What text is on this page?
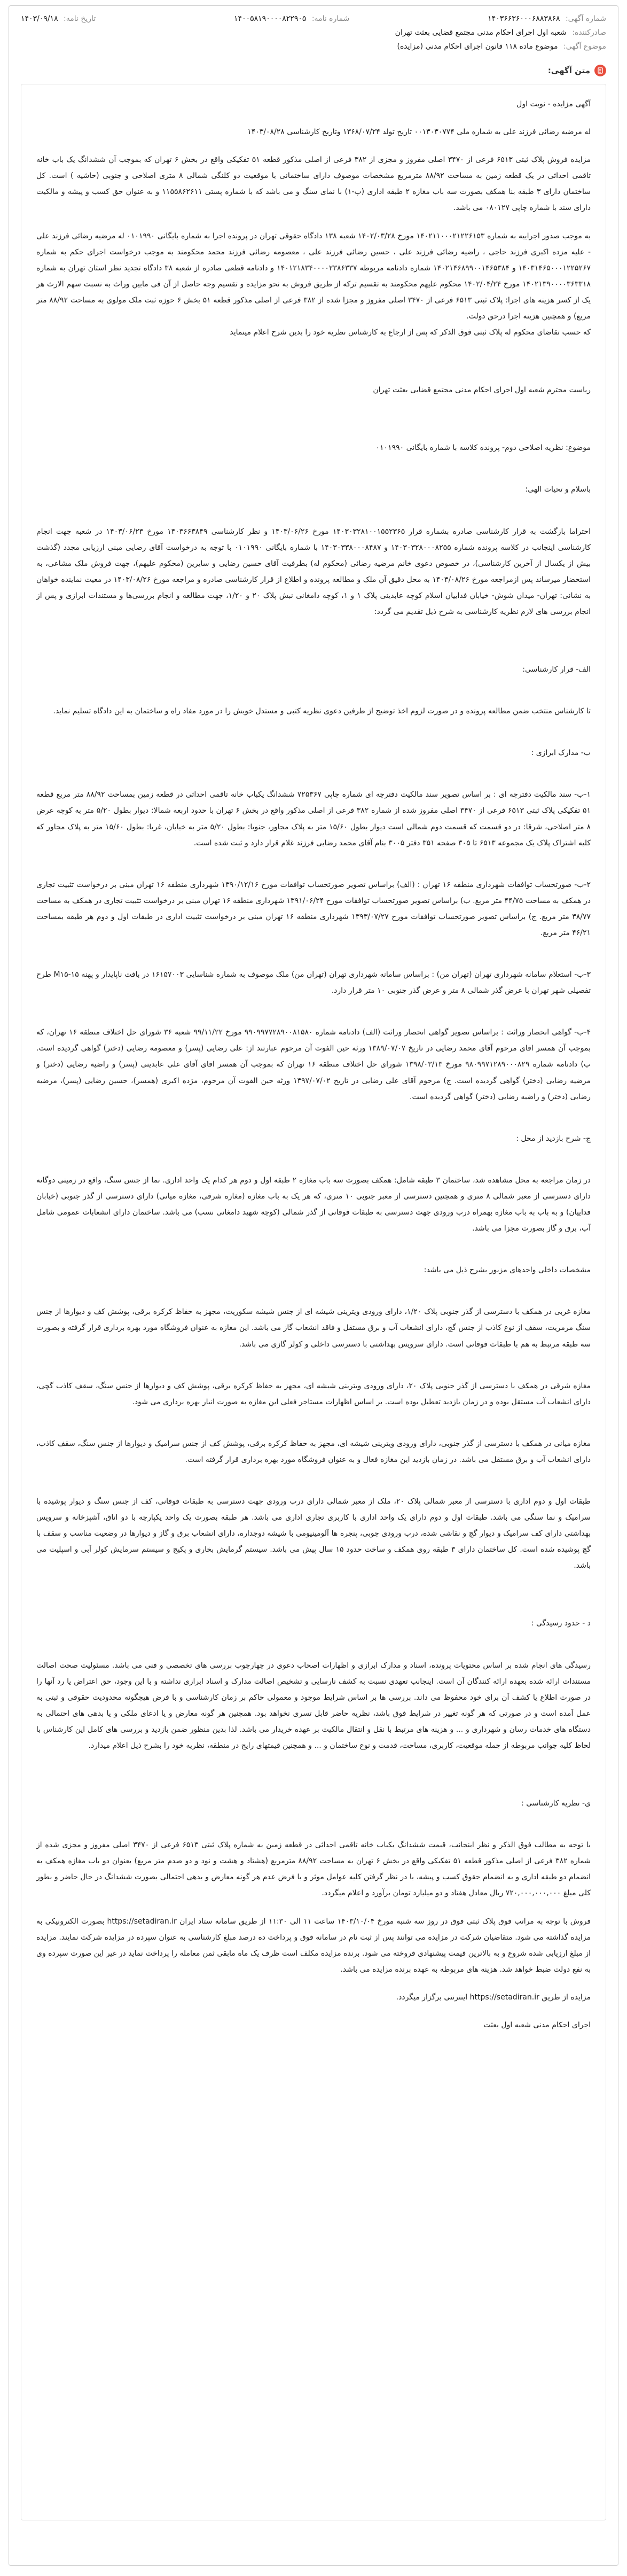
شماره آگهی: ۱۴۰۳۶۶۳۶۰۰۰۶۸۸۳۸۶۸
شماره نامه: ۱۴۰۰۵۸۱۹۰۰۰۰۸۲۲۹۰۵
تاریخ نامه: ۱۴۰۳/۰۹/۱۸
صادرکننده: شعبه اول اجرای احکام مدنی مجتمع قضایی بعثت تهران
موضوع آگهی: موضوع ماده ۱۱۸ قانون اجرای احکام مدنی (مزایده)
متن آگهی:

آگهی مزایده - نوبت اول

له مرضیه رضائی فرزند علی به شماره ملی ۰۰۱۳۰۳۰۷۷۴ تاریخ تولد ۱۳۶۸/۰۷/۲۴ وتاریخ کارشناسی ۱۴۰۳/۰۸/۲۸

مزایده فروش پلاک ثبتی ۶۵۱۳ فرعی از ۳۴۷۰ اصلی مفروز و مجزی از ۳۸۲ فرعی از اصلی مذکور قطعه ۵۱ تفکیکی واقع در بخش ۶ تهران که بموجب آن ششدانگ یک باب خانه تاقمی احداثی در یک قطعه زمین به مساحت ۸۸/۹۲ مترمربع مشخصات موصوف دارای ساختمانی با موقعیت دو کلنگی شمالی ۸ متری اصلاحی و جنوبی (حاشیه ) است. کل ساختمان دارای ۳ طبقه بنا همکف بصورت سه باب مغازه ۲ طبقه اداری (پ-۱) با نمای سنگ و می باشد که با شماره پستی ۱۱۵۵۸۶۲۶۱۱ و به عنوان حق کسب و پیشه و مالکیت دارای سند با شماره چاپی ۰۸۰۱۲۷ می باشد.

به موجب صدور اجراییه به شماره ۱۴۰۲۱۱۰۰۰۲۱۲۲۶۱۵۳ مورخ ۱۴۰۲/۰۳/۲۸ شعبه ۱۳۸ دادگاه حقوقی تهران در پرونده اجرا به شماره بایگانی ۰۱۰۱۹۹۰ له مرضیه رضائی فرزند علی - علیه مزده اکبری فرزند حاجی ، راضیه رضائی فرزند علی ، حسین رضائی فرزند علی ، معصومه رضائی فرزند محمد محکومند به موجب درخواست اجرای حکم به شماره ۱۴۰۳۱۴۶۵۰۰۰۱۲۲۵۲۶۷ و ۱۴۰۲۱۴۶۸۹۹۰۰۱۴۶۵۳۸۴ شماره دادنامه مربوطه ۱۴۰۱۲۱۸۳۴۰۰۰۰۲۳۸۶۳۳۷ و دادنامه قطعی صادره از شعبه ۳۸ دادگاه تجدید نظر استان تهران به شماره ۱۴۰۲۱۳۹۰۰۰۰۳۶۳۳۱۸ مورخ ۱۴۰۲/۰۴/۲۴ محکوم علیهم محکومند به تقسیم ترکه از طریق فروش به نحو مزایده و تقسیم وجه حاصل از آن فی مابین وراث به نسبت سهم الارث هر یک از کسر هزینه های اجرا: پلاک ثبتی ۶۵۱۳ فرعی از ۳۴۷۰ اصلی مفروز و مجزا شده از ۳۸۲ فرعی از اصلی مذکور قطعه ۵۱ بخش ۶ حوزه ثبت ملک مولوی به مساحت ۸۸/۹۲ متر مربع) و همچنین هزینه اجرا درحق دولت.

که حسب تقاضای محکوم له پلاک ثبتی فوق الذکر که پس از ارجاع به کارشناس نظریه خود را بدین شرح اعلام مینماید

ریاست محترم شعبه اول اجرای احکام مدنی مجتمع قضایی بعثت تهران

موضوع: نظریه اصلاحی دوم- پرونده کلاسه با شماره بایگانی ۰۱۰۱۹۹۰

باسلام و تحیات الهی؛

احتراما بازگشت به قرار کارشناسی صادره بشماره قرار ۱۴۰۳۰۳۲۸۱۰۰۱۵۵۲۳۶۵ مورخ ۱۴۰۳/۰۶/۲۶ و نظر کارشناسی ۱۴۰۳۶۶۳۸۴۹ مورخ ۱۴۰۳/۰۶/۲۳ در شعبه جهت انجام کارشناسی اینجانب در کلاسه پرونده شماره ۱۴۰۳۰۳۲۸۰۰۰۸۲۵۵ و ۱۴۰۳۰۳۳۸۰۰۰۸۴۸۷ با شماره بایگانی ۰۱۰۱۹۹۰ با توجه به درخواست آقای رضایی مبنی ارزیابی مجدد (گذشت بیش از یکسال از آخرین کارشناسی)، در خصوص دعوی خانم مرضیه رضائی (محکوم له) بطرفیت آقای حسین رضایی و سایرین (محکوم علیهم)، جهت فروش ملک مشاعی، به استحضار میرساند پس ازمراجعه مورخ ۱۴۰۳/۰۸/۲۶ به محل دقیق آن ملک و مطالعه پرونده و اطلاع از قرار کارشناسی صادره و مراجعه مورخ ۱۴۰۳/۰۸/۲۶ در معیت نماینده خواهان به نشانی: تهران- میدان شوش- خیابان فداییان اسلام کوچه عابدینی پلاک ۱ و ۱، کوچه دامغانی نبش پلاک ۲۰ و ۱/۲۰، جهت مطالعه و انجام بررسی‌ها و مستندات ابرازی و پس از انجام بررسی های لازم نظریه کارشناسی به شرح ذیل تقدیم می گردد:

الف- قرار کارشناسی:

تا کارشناس منتخب ضمن مطالعه پرونده و در صورت لزوم اخذ توضیح از طرفین دعوی نظریه کتبی و مستدل خویش را در مورد مفاد راه و ساختمان به این دادگاه تسلیم نماید.

ب- مدارک ابرازی :

۱-ب- سند مالکیت دفترچه ای : بر اساس تصویر سند مالکیت دفترچه ای شماره چاپی ۷۲۵۳۶۷ ششدانگ یکباب خانه تاقمی احداثی در قطعه زمین بمساحت ۸۸/۹۲ متر مربع قطعه ۵۱ تفکیکی پلاک ثبتی ۶۵۱۳ فرعی از ۳۴۷۰ اصلی مفروز شده از شماره ۳۸۲ فرعی از اصلی مذکور واقع در بخش ۶ تهران با حدود اربعه شمالا: دیوار بطول ۵/۲۰ متر به کوچه عرض ۸ متر اصلاحی، شرقا: در دو قسمت که قسمت دوم شمالی است دیوار بطول ۱۵/۶۰ متر به پلاک مجاور، جنوبا: بطول ۵/۲۰ متر به خیابان، غربا: بطول ۱۵/۶۰ متر به پلاک مجاور که کلیه اشتراک پلاک یک مجموعه ۶۵۱۳ تا ۳۰۵ صفحه ۳۵۱ دفتر ۳۰۰۵ بنام آقای محمد رضایی فرزند غلام قرار دارد و ثبت شده است.

۲-ب- صورتحساب توافقات شهرداری منطقه ۱۶ تهران : (الف) براساس تصویر صورتحساب توافقات مورخ ۱۳۹۰/۱۲/۱۶ شهرداری منطقه ۱۶ تهران مبنی بر درخواست تثبیت تجاری در همکف به مساحت ۴۴/۷۵ متر مربع. ب) براساس تصویر صورتحساب توافقات مورخ ۱۳۹۱/۰۶/۲۴ شهرداری منطقه ۱۶ تهران مبنی بر درخواست تثبیت تجاری در همکف به مساحت ۳۸/۷۷ متر مربع. ج) براساس تصویر صورتحساب توافقات مورخ ۱۳۹۳/۰۷/۲۷ شهرداری منطقه ۱۶ تهران مبنی بر درخواست تثبیت اداری در طبقات اول و دوم هر طبقه بمساحت ۴۶/۲۱ متر مربع.

۳-ب- استعلام سامانه شهرداری تهران (تهران من) : براساس سامانه شهرداری تهران (تهران من) ملک موصوف به شماره شناسایی ۱۶۱۵۷۰۰۳ در بافت ناپایدار و پهنه ۱۵-M۱۵ طرح تفصیلی شهر تهران با عرض گذر شمالی ۸ متر و عرض گذر جنوبی ۱۰ متر قرار دارد.

۴-ب- گواهی انحصار وراثت : براساس تصویر گواهی انحصار وراثت (الف) دادنامه شماره ۹۹۰۹۹۷۷۲۸۹۰۰۸۱۵۸۰ مورخ ۹۹/۱۱/۲۲ شعبه ۳۶ شورای حل اختلاف منطقه ۱۶ تهران، که بموجب آن همسر اقای مرحوم آقای محمد رضایی در تاریخ ۱۳۸۹/۰۷/۰۷ ورثه حین الفوت آن مرحوم عبارتند از: علی رضایی (پسر) و معصومه رضایی (دختر) گواهی گردیده است. ب) دادنامه شماره ۹۸۰۹۹۷۱۲۸۹۰۰۰۸۲۹ مورخ ۱۳۹۸/۰۳/۱۳ شورای حل اختلاف منطقه ۱۶ تهران که بموجب آن همسر اقای آقای علی عابدینی (پسر) و راضیه رضایی (دختر) و مرضیه رضایی (دختر) گواهی گردیده است. ج) مرحوم آقای علی رضایی در تاریخ ۱۳۹۷/۰۷/۰۲ ورثه حین الفوت آن مرحوم، مژده اکبری (همسر)، حسین رضایی (پسر)، مرضیه رضایی (دختر) و راضیه رضایی (دختر) گواهی گردیده است.

ج- شرح بازدید از محل :

در زمان مراجعه به محل مشاهده شد، ساختمان ۳ طبقه شامل: همکف بصورت سه باب مغازه ۲ طبقه اول و دوم هر کدام یک واحد اداری. نما از جنس سنگ، واقع در زمینی دوگانه دارای دسترسی از معبر شمالی ۸ متری و همچنین دسترسی از معبر جنوبی ۱۰ متری، که هر یک به باب مغازه (مغازه شرقی، مغازه میانی) دارای دسترسی از گذر جنوبی (خیابان فداییان) و به باب به باب مغازه بهمراه درب ورودی جهت دسترسی به طبقات فوقانی از گذر شمالی (کوچه شهید دامغانی نسب) می باشد. ساختمان دارای انشعابات عمومی شامل آب، برق و گاز بصورت مجزا می باشد.

مشخصات داخلی واحدهای مزبور بشرح ذیل می باشد:

مغازه غربی در همکف با دسترسی از گذر جنوبی پلاک ۱/۲۰، دارای ورودی ویترینی شیشه ای از جنس شیشه سکوریت، مجهز به حفاظ کرکره برقی، پوشش کف و دیوارها از جنس سنگ مرمریت، سقف از نوع کاذب از جنس گچ، دارای انشعاب آب و برق مستقل و فاقد انشعاب گاز می باشد. این مغازه به عنوان فروشگاه مورد بهره برداری قرار گرفته و بصورت سه طبقه مرتبط به هم با طبقات فوقانی است. دارای سرویس بهداشتی با دسترسی داخلی و کولر گازی می باشد.

مغازه شرقی در همکف با دسترسی از گذر جنوبی پلاک ۲۰، دارای ورودی ویترینی شیشه ای، مجهز به حفاظ کرکره برقی، پوشش کف و دیوارها از جنس سنگ، سقف کاذب گچی، دارای انشعاب آب مستقل بوده و در زمان بازدید تعطیل بوده است. بر اساس اظهارات مستاجر فعلی این مغازه به صورت انبار بهره برداری می شود.

مغازه میانی در همکف با دسترسی از گذر جنوبی، دارای ورودی ویترینی شیشه ای، مجهز به حفاظ کرکره برقی، پوشش کف از جنس سرامیک و دیوارها از جنس سنگ، سقف کاذب، دارای انشعاب آب و برق مستقل می باشد. در زمان بازدید این مغازه فعال و به عنوان فروشگاه مورد بهره برداری قرار گرفته است.

طبقات اول و دوم اداری با دسترسی از معبر شمالی پلاک ۲۰، ملک از معبر شمالی دارای درب ورودی جهت دسترسی به طبقات فوقانی، کف از جنس سنگ و دیوار پوشیده با سرامیک و نما سنگی می باشد. طبقات اول و دوم دارای یک واحد اداری با کاربری تجاری اداری می باشد. هر طبقه بصورت یک واحد یکپارچه با دو اتاق، آشپزخانه و سرویس بهداشتی دارای کف سرامیک و دیوار گچ و نقاشی شده، درب ورودی چوبی، پنجره ها آلومینیومی با شیشه دوجداره، دارای انشعاب برق و گاز و دیوارها در وضعیت مناسب و سقف با گچ پوشیده شده است. کل ساختمان دارای ۳ طبقه روی همکف و ساخت حدود ۱۵ سال پیش می باشد. سیستم گرمایش بخاری و پکیج و سیستم سرمایش کولر آبی و اسپلیت می باشد.

د - حدود رسیدگی :

رسیدگی های انجام شده بر اساس محتویات پرونده، اسناد و مدارک ابرازی و اظهارات اصحاب دعوی در چهارچوب بررسی های تخصصی و فنی می باشد. مسئولیت صحت اصالت مستندات ارائه شده بعهده ارائه کنندگان آن است. اینجانب تعهدی نسبت به کشف نارسایی و تشخیص اصالت مدارک و اسناد ابرازی نداشته و با این وجود، حق اعتراض یا رد آنها را در صورت اطلاع یا کشف آن برای خود محفوظ می داند. بررسی ها بر اساس شرایط موجود و معمولی حاکم بر زمان کارشناسی و با فرض هیچگونه محدودیت حقوقی و ثبتی به عمل آمده است و در صورتی که هر گونه تغییر در شرایط فوق باشد، نظریه حاضر قابل تسری نخواهد بود. همچنین هر گونه معارض و یا ادعای ملکی و یا بدهی های احتمالی به دستگاه های خدمات رسان و شهرداری و ... و هزینه های مرتبط با نقل و انتقال مالکیت بر عهده خریدار می باشد. لذا بدین منظور ضمن بازدید و بررسی های کامل این کارشناس با لحاظ کلیه جوانب مربوطه از جمله موقعیت، کاربری، مساحت، قدمت و نوع ساختمان و ... و همچنین قیمتهای رایج در منطقه، نظریه خود را بشرح ذیل اعلام میدارد.

ی- نظریه کارشناسی :

با توجه به مطالب فوق الذکر و نظر اینجانب، قیمت ششدانگ یکباب خانه تاقمی احداثی در قطعه زمین به شماره پلاک ثبتی ۶۵۱۳ فرعی از ۳۴۷۰ اصلی مفروز و مجزی شده از شماره ۳۸۲ فرعی از اصلی مذکور قطعه ۵۱ تفکیکی واقع در بخش ۶ تهران به مساحت ۸۸/۹۲ مترمربع (هشتاد و هشت و نود و دو صدم متر مربع) بعنوان دو باب مغازه همکف به انضمام دو طبقه اداری و به انضمام حقوق کسب و پیشه، با در نظر گرفتن کلیه عوامل موثر و با فرض عدم هر گونه معارض و بدهی احتمالی بصورت ششدانگ در حال حاضر و بطور کلی مبلغ ۷۲۰,۰۰۰,۰۰۰,۰۰۰ ریال معادل هفتاد و دو میلیارد تومان برآورد و اعلام میگردد.

فروش با توجه به مراتب فوق پلاک ثبتی فوق در روز سه شنبه مورخ ۱۴۰۳/۱۰/۰۴ ساعت ۱۱ الی ۱۱:۳۰ از طریق سامانه ستاد ایران https://setadiran.ir بصورت الکترونیکی به مزایده گذاشته می شود. متقاضیان شرکت در مزایده می توانند پس از ثبت نام در سامانه فوق و پرداخت ده درصد مبلغ کارشناسی به عنوان سپرده در مزایده شرکت نمایند. مزایده از مبلغ ارزیابی شده شروع و به بالاترین قیمت پیشنهادی فروخته می شود. برنده مزایده مکلف است ظرف یک ماه مابقی ثمن معامله را پرداخت نماید در غیر این صورت سپرده وی به نفع دولت ضبط خواهد شد. هزینه های مربوطه به عهده برنده مزایده می باشد.

مزایده از طریق https://setadiran.ir اینترنتی برگزار میگردد.

اجرای احکام مدنی شعبه اول بعثت
